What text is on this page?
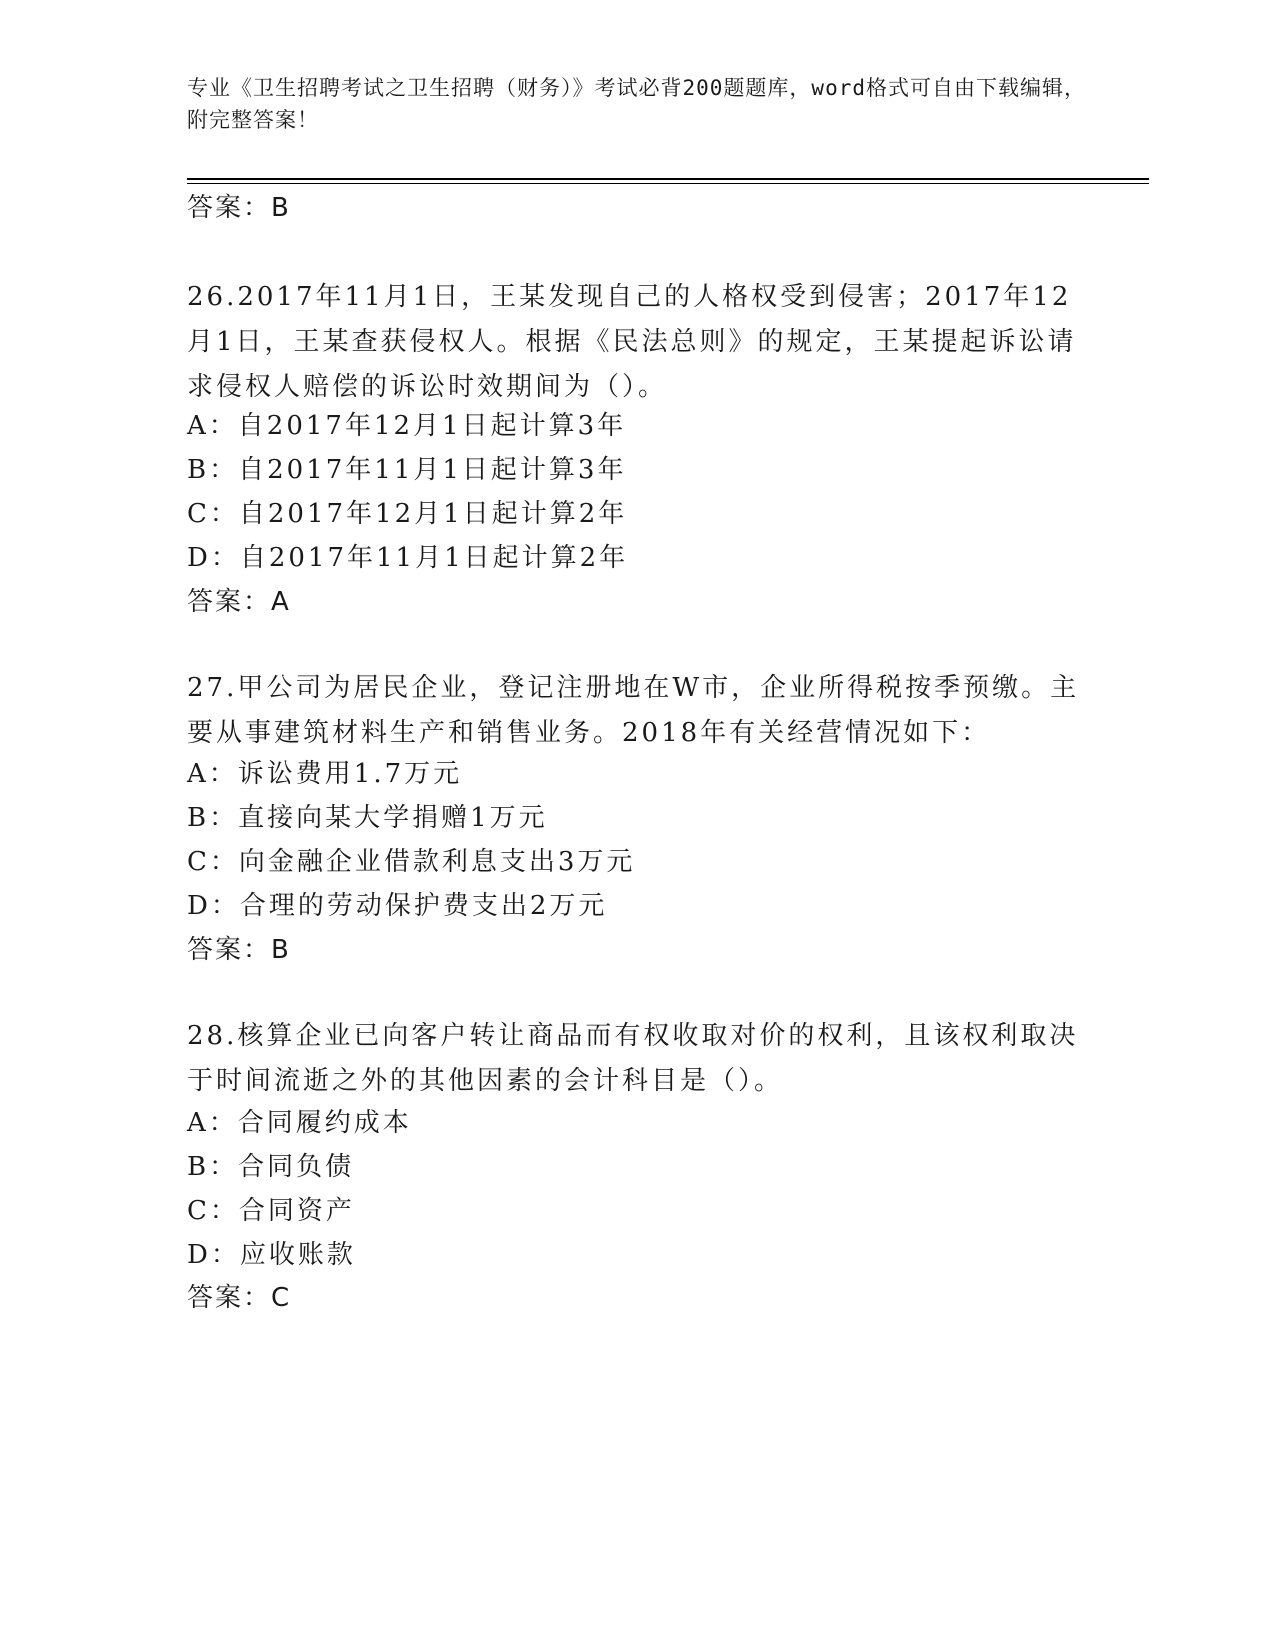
专业《卫生招聘考试之卫生招聘（财务）》考试必背200题题库，word格式可自由下载编辑，附完整答案！
答案：B
26.2017年11月1日，王某发现自己的人格权受到侵害；2017年12月1日，王某查获侵权人。根据《民法总则》的规定，王某提起诉讼请求侵权人赔偿的诉讼时效期间为（）。
A：自2017年12月1日起计算3年
B：自2017年11月1日起计算3年
C：自2017年12月1日起计算2年
D：自2017年11月1日起计算2年
答案：A
27.甲公司为居民企业，登记注册地在W市，企业所得税按季预缴。主要从事建筑材料生产和销售业务。2018年有关经营情况如下：
A：诉讼费用1.7万元
B：直接向某大学捐赠1万元
C：向金融企业借款利息支出3万元
D：合理的劳动保护费支出2万元
答案：B
28.核算企业已向客户转让商品而有权收取对价的权利，且该权利取决于时间流逝之外的其他因素的会计科目是（）。
A：合同履约成本
B：合同负债
C：合同资产
D：应收账款
答案：C
